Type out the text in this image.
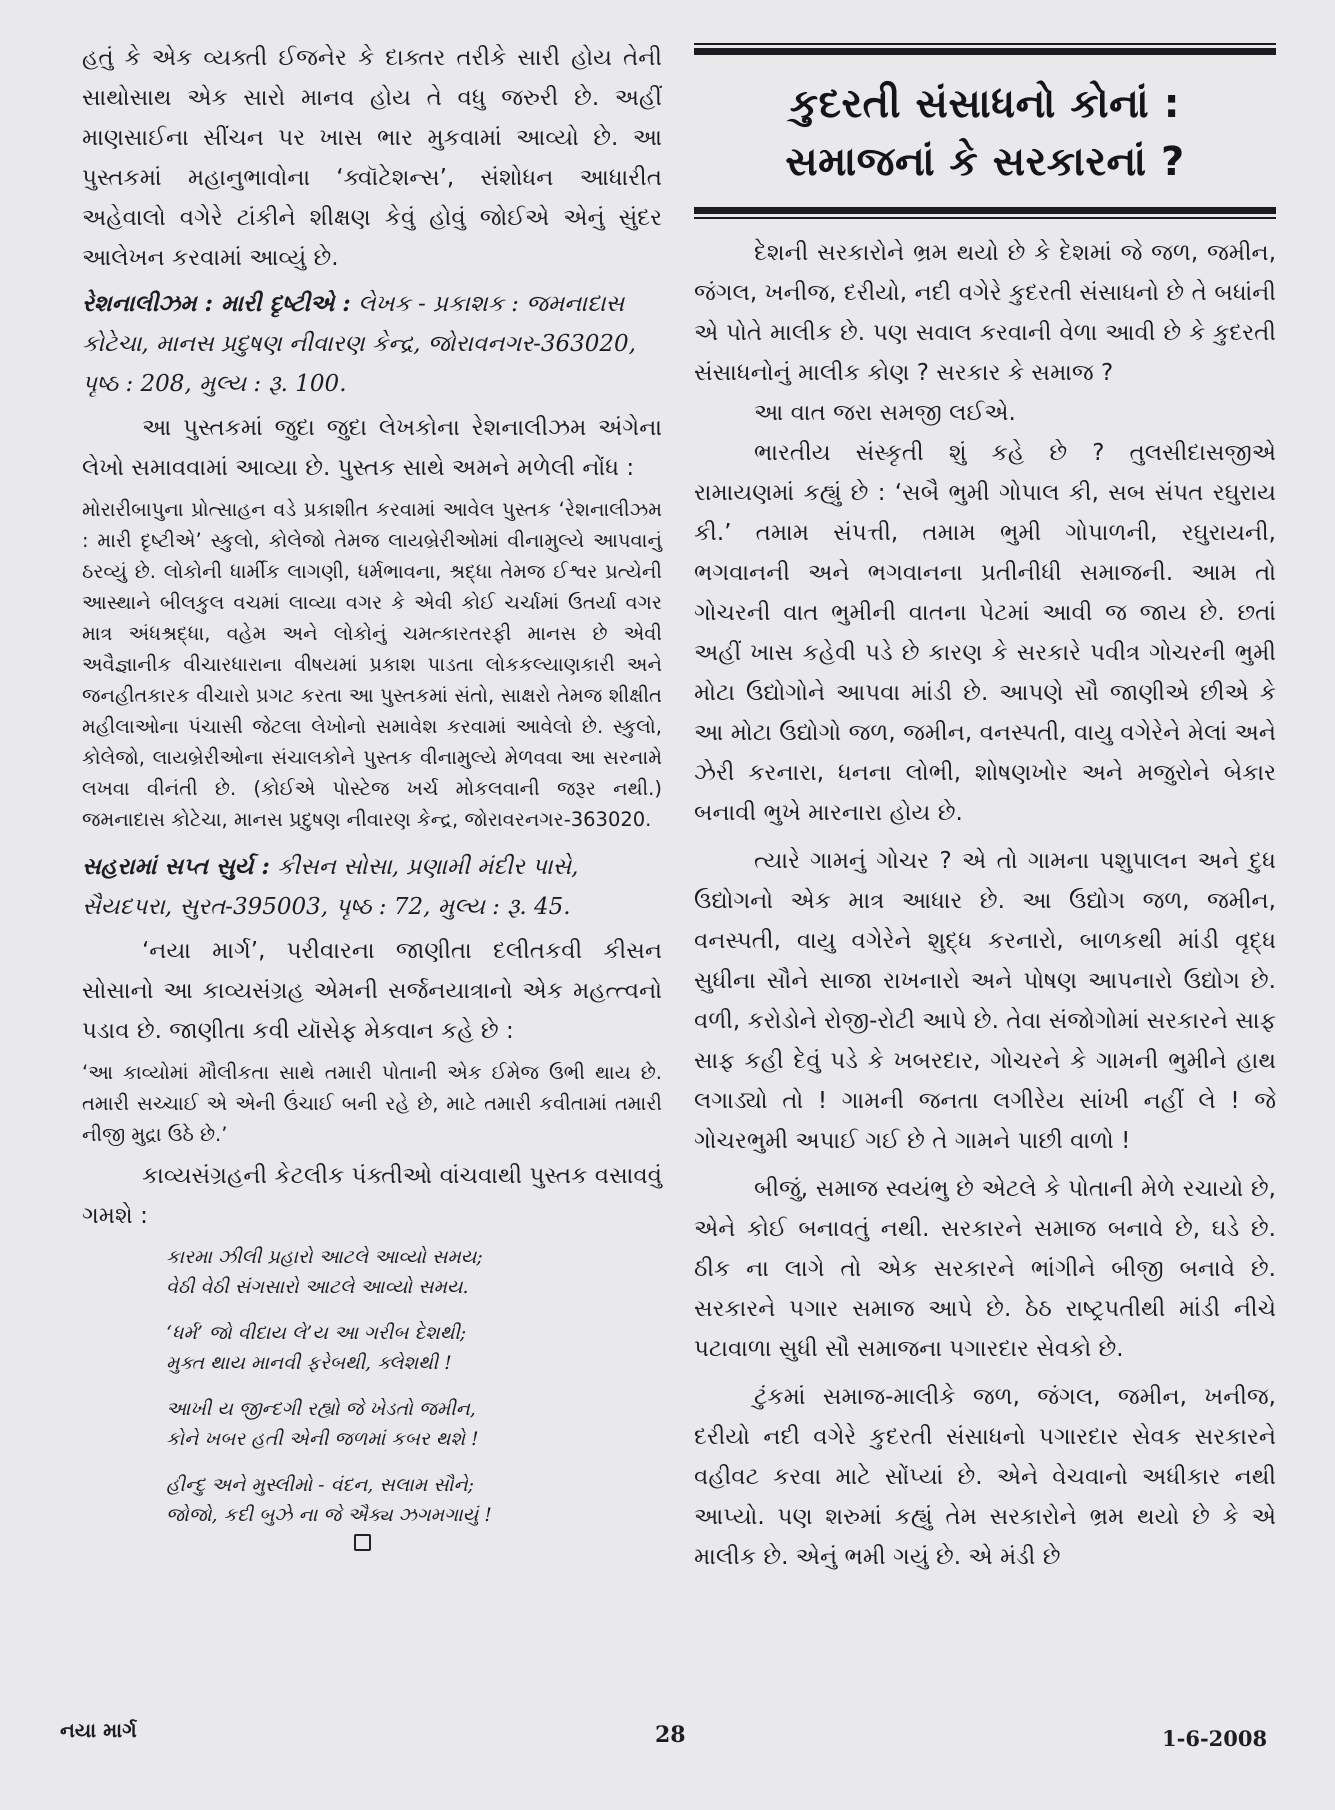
હતું કે એક વ્યક્તી ઈજનેર કે દાક્તર તરીકે સારી હોય તેની સાથોસાથ એક સારો માનવ હોય તે વધુ જરુરી છે. અહીં માણસાઈના સીંચન પર ખાસ ભાર મુકવામાં આવ્યો છે. આ પુસ્તકમાં મહાનુભાવોના ‘ક્વૉટેશન્સ’, સંશોધન આધારીત અહેવાલો વગેરે ટાંકીને શીક્ષણ કેવું હોવું જોઈએ એનું સુંદર આલેખન કરવામાં આવ્યું છે.

રેશનાલીઝમ : મારી દૃષ્ટીએ : લેખક - પ્રકાશક : જમનાદાસ કોટેચા, માનસ પ્રદુષણ નીવારણ કેન્દ્ર, જોરાવનગર-363020, પૃષ્ઠ : 208, મુલ્ય : રૂ. 100.

આ પુસ્તકમાં જુદા જુદા લેખકોના રેશનાલીઝમ અંગેના લેખો સમાવવામાં આવ્યા છે. પુસ્તક સાથે અમને મળેલી નોંધ :

મોરારીબાપુના પ્રોત્સાહન વડે પ્રકાશીત કરવામાં આવેલ પુસ્તક ‘રેશનાલીઝમ : મારી દૃષ્ટીએ’ સ્કુલો, કોલેજો તેમજ લાયબ્રેરીઓમાં વીનામુલ્યે આપવાનું ઠરવ્યું છે. લોકોની ધાર્મીક લાગણી, ધર્મભાવના, શ્રદ્ધા તેમજ ઈશ્વર પ્રત્યેની આસ્થાને બીલકુલ વચમાં લાવ્યા વગર કે એવી કોઈ ચર્ચામાં ઉતર્યા વગર માત્ર અંધશ્રદ્ધા, વહેમ અને લોકોનું ચમત્કારતરફી માનસ છે એવી અવૈજ્ઞાનીક વીચારધારાના વીષયમાં પ્રકાશ પાડતા લોકકલ્યાણકારી અને જનહીતકારક વીચારો પ્રગટ કરતા આ પુસ્તકમાં સંતો, સાક્ષરો તેમજ શીક્ષીત મહીલાઓના પંચાસી જેટલા લેખોનો સમાવેશ કરવામાં આવેલો છે. સ્કુલો, કોલેજો, લાયબ્રેરીઓના સંચાલકોને પુસ્તક વીનામુલ્યે મેળવવા આ સરનામે લખવા વીનંતી છે. (કોઈએ પોસ્ટેજ ખર્ચ મોકલવાની જરૂર નથી.) જમનાદાસ કોટેચા, માનસ પ્રદુષણ નીવારણ કેન્દ્ર, જોરાવરનગર-363020.

સહરામાં સપ્ત સુર્ય : કીસન સોસા, પ્રણામી મંદીર પાસે, સૈયદપરા, સુરત-395003, પૃષ્ઠ : 72, મુલ્ય : રૂ. 45.

‘નયા માર્ગ’, પરીવારના જાણીતા દલીતકવી કીસન સોસાનો આ કાવ્યસંગ્રહ એમની સર્જનયાત્રાનો એક મહત્ત્વનો પડાવ છે. જાણીતા કવી યૉસેફ મેકવાન કહે છે :

‘આ કાવ્યોમાં મૌલીકતા સાથે તમારી પોતાની એક ઈમેજ ઉભી થાય છે. તમારી સચ્ચાઈ એ એની ઉંચાઈ બની રહે છે, માટે તમારી કવીતામાં તમારી નીજી મુદ્રા ઉઠે છે.’

કાવ્યસંગ્રહની કેટલીક પંક્તીઓ વાંચવાથી પુસ્તક વસાવવું ગમશે :

કારમા ઝીલી પ્રહારો આટલે આવ્યો સમય;
વેઠી વેઠી સંગસારો આટલે આવ્યો સમય.
‘ધર્મ’ જો વીદાય લે’ય આ ગરીબ દેશથી;
મુક્ત થાય માનવી ફરેબથી, ક્લેશથી !
આખી ય જીન્દગી રહ્યો જે ખેડતો જમીન,
કોને ખબર હતી એની જળમાં કબર થશે !
હીન્દુ અને મુસ્લીમો - વંદન, સલામ સૌને;
જોજો, કદી બુઝે ના જે ઐક્ય ઝગમગાયું !
કુદરતી સંસાધનો કોનાં :
સમાજનાં કે સરકારનાં ?

દેશની સરકારોને ભ્રમ થયો છે કે દેશમાં જે જળ, જમીન, જંગલ, ખનીજ, દરીયો, નદી વગેરે કુદરતી સંસાધનો છે તે બધાંની એ પોતે માલીક છે. પણ સવાલ કરવાની વેળા આવી છે કે કુદરતી સંસાધનોનું માલીક કોણ ? સરકાર કે સમાજ ?

આ વાત જરા સમજી લઈએ.

ભારતીય સંસ્કૃતી શું કહે છે ? તુલસીદાસજીએ રામાયણમાં કહ્યું છે : ‘સબૈ ભુમી ગોપાલ કી, સબ સંપત રઘુરાય કી.’ તમામ સંપત્તી, તમામ ભુમી ગોપાળની, રઘુરાયની, ભગવાનની અને ભગવાનના પ્રતીનીધી સમાજની. આમ તો ગોચરની વાત ભુમીની વાતના પેટમાં આવી જ જાય છે. છતાં અહીં ખાસ કહેવી પડે છે કારણ કે સરકારે પવીત્ર ગોચરની ભુમી મોટા ઉદ્યોગોને આપવા માંડી છે. આપણે સૌ જાણીએ છીએ કે આ મોટા ઉદ્યોગો જળ, જમીન, વનસ્પતી, વાયુ વગેરેને મેલાં અને ઝેરી કરનારા, ધનના લોભી, શોષણખોર અને મજુરોને બેકાર બનાવી ભુખે મારનારા હોય છે.

ત્યારે ગામનું ગોચર ? એ તો ગામના પશુપાલન અને દુધ ઉદ્યોગનો એક માત્ર આધાર છે. આ ઉદ્યોગ જળ, જમીન, વનસ્પતી, વાયુ વગેરેને શુદ્ધ કરનારો, બાળકથી માંડી વૃદ્ધ સુધીના સૌને સાજા રાખનારો અને પોષણ આપનારો ઉદ્યોગ છે. વળી, કરોડોને રોજી-રોટી આપે છે. તેવા સંજોગોમાં સરકારને સાફ સાફ કહી દેવું પડે કે ખબરદાર, ગોચરને કે ગામની ભુમીને હાથ લગાડ્યો તો ! ગામની જનતા લગીરેય સાંખી નહીં લે ! જે ગોચરભુમી અપાઈ ગઈ છે તે ગામને પાછી વાળો !

બીજું, સમાજ સ્વયંભુ છે એટલે કે પોતાની મેળે રચાયો છે, એને કોઈ બનાવતું નથી. સરકારને સમાજ બનાવે છે, ઘડે છે. ઠીક ના લાગે તો એક સરકારને ભાંગીને બીજી બનાવે છે. સરકારને પગાર સમાજ આપે છે. ઠેઠ રાષ્ટ્રપતીથી માંડી નીચે પટાવાળા સુધી સૌ સમાજના પગારદાર સેવકો છે.

ટુંકમાં સમાજ-માલીકે જળ, જંગલ, જમીન, ખનીજ, દરીયો નદી વગેરે કુદરતી સંસાધનો પગારદાર સેવક સરકારને વહીવટ કરવા માટે સોંપ્યાં છે. એને વેચવાનો અધીકાર નથી આપ્યો. પણ શરુમાં કહ્યું તેમ સરકારોને ભ્રમ થયો છે કે એ માલીક છે. એનું ભમી ગયું છે. એ મંડી છે

નયા માર્ગ	28	1-6-2008
